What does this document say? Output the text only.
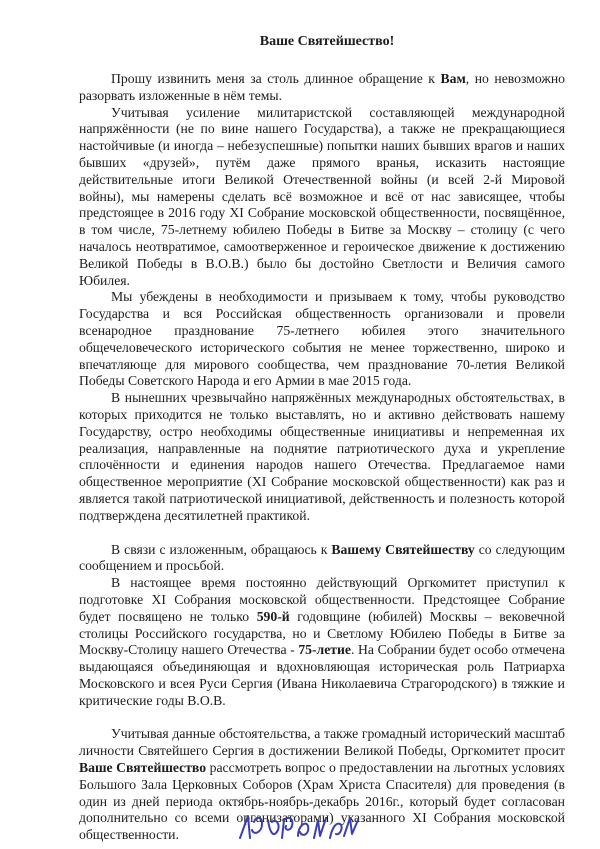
Ваше Святейшество!

Прошу извинить меня за столь длинное обращение к Вам, но невозможно разорвать изложенные в нём темы.

Учитывая усиление милитаристской составляющей международной напряжённости (не по вине нашего Государства), а также не прекращающиеся настойчивые (и иногда – небезуспешные) попытки наших бывших врагов и наших бывших «друзей», путём даже прямого вранья, исказить настоящие действительные итоги Великой Отечественной войны (и всей 2-й Мировой войны), мы намерены сделать всё возможное и всё от нас зависящее, чтобы предстоящее в 2016 году XI Собрание московской общественности, посвящённое, в том числе, 75-летнему юбилею Победы в Битве за Москву – столицу (с чего началось неотвратимое, самоотверженное и героическое движение к достижению Великой Победы в В.О.В.) было бы достойно Светлости и Величия самого Юбилея.

Мы убеждены в необходимости и призываем к тому, чтобы руководство Государства и вся Российская общественность организовали и провели всенародное празднование 75-летнего юбилея этого значительного общечеловеческого исторического события не менее торжественно, широко и впечатляюще для мирового сообщества, чем празднование 70-летия Великой Победы Советского Народа и его Армии в мае 2015 года.

В нынешних чрезвычайно напряжённых международных обстоятельствах, в которых приходится не только выставлять, но и активно действовать нашему Государству, остро необходимы общественные инициативы и непременная их реализация, направленные на поднятие патриотического духа и укрепление сплочённости и единения народов нашего Отечества. Предлагаемое нами общественное мероприятие (XI Собрание московской общественности) как раз и является такой патриотической инициативой, действенность и полезность которой подтверждена десятилетней практикой.

В связи с изложенным, обращаюсь к Вашему Святейшеству со следующим сообщением и просьбой.

В настоящее время постоянно действующий Оргкомитет приступил к подготовке XI Собрания московской общественности. Предстоящее Собрание будет посвящено не только 590-й годовщине (юбилей) Москвы – вековечной столицы Российского государства, но и Светлому Юбилею Победы в Битве за Москву-Столицу нашего Отечества - 75-летие. На Собрании будет особо отмечена выдающаяся объединяющая и вдохновляющая историческая роль Патриарха Московского и всея Руси Сергия (Ивана Николаевича Страгородского) в тяжкие и критические годы В.О.В.

Учитывая данные обстоятельства, а также громадный исторический масштаб личности Святейшего Сергия в достижении Великой Победы, Оргкомитет просит Ваше Святейшество рассмотреть вопрос о предоставлении на льготных условиях Большого Зала Церковных Соборов (Храм Христа Спасителя) для проведения (в один из дней периода октябрь-ноябрь-декабрь 2016г., который будет согласован дополнительно со всеми организаторами) указанного XI Собрания московской общественности.
